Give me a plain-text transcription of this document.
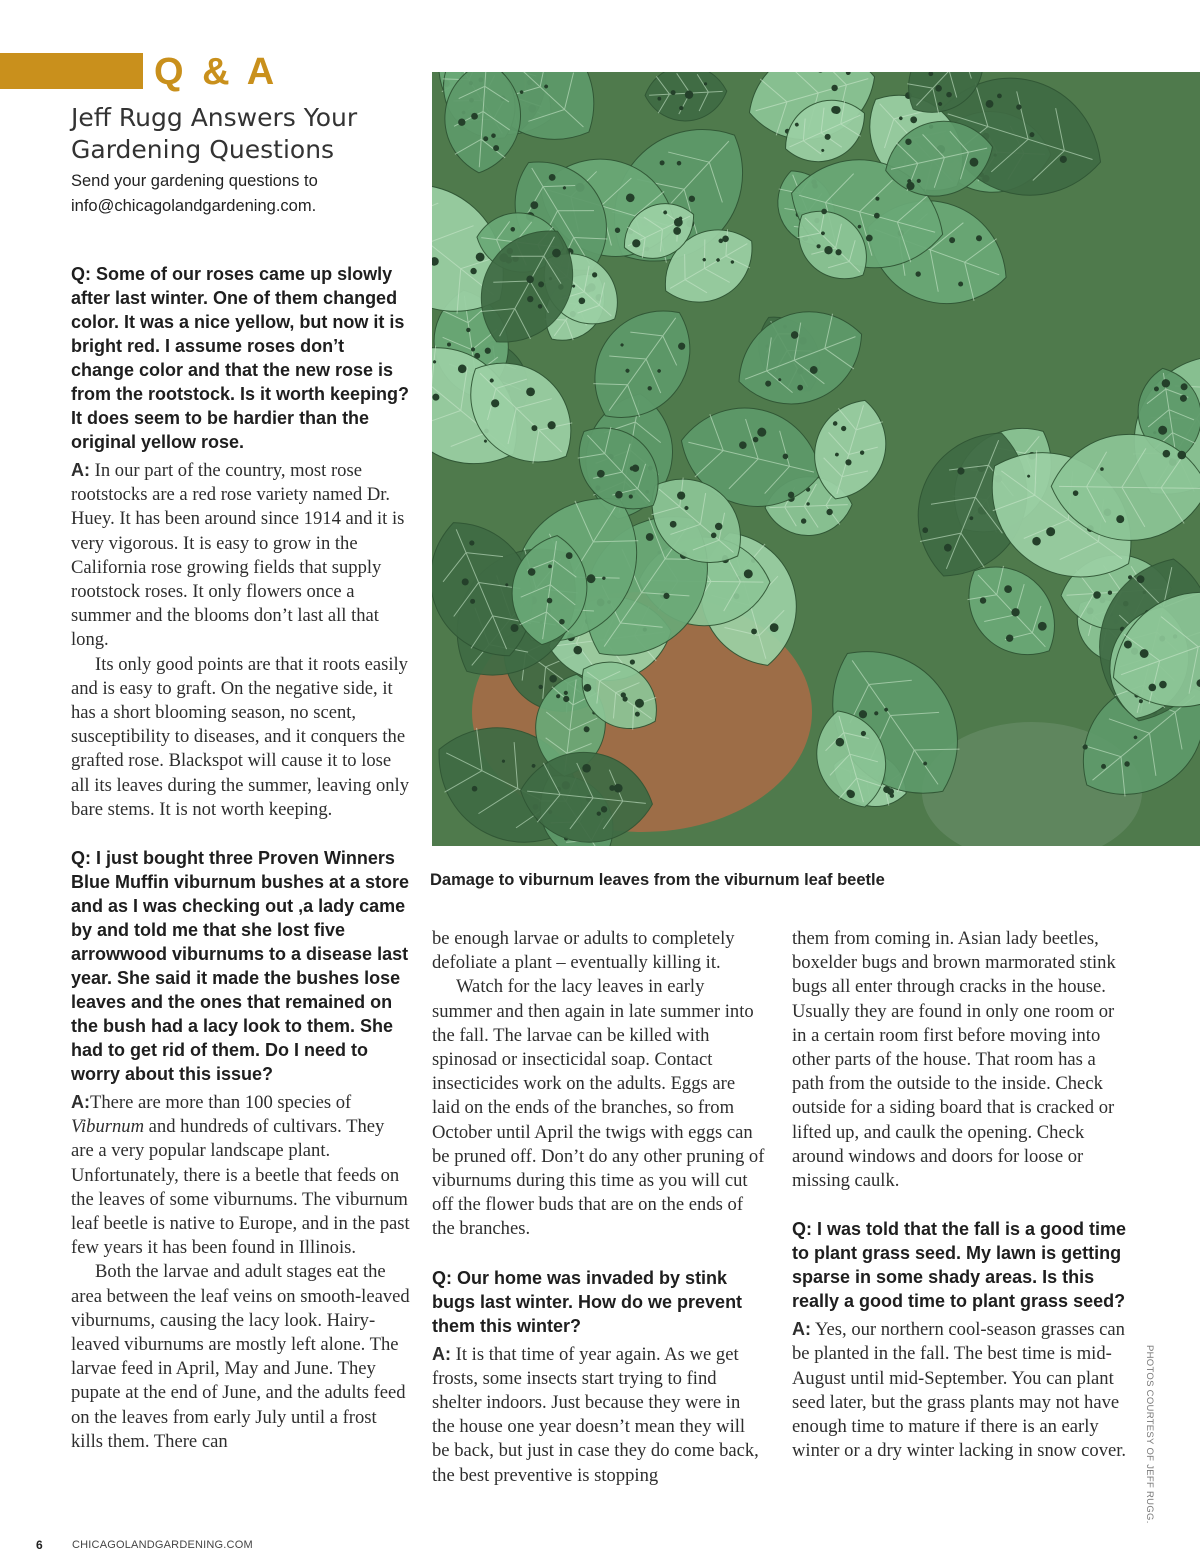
Q & A
Jeff Rugg Answers Your Gardening Questions
Send your gardening questions to info@chicagolandgardening.com.
Damage to viburnum leaves from the viburnum leaf beetle
PHOTOS COURTESY OF JEFF RUGG.

Q: Some of our roses came up slowly after last winter. One of them changed color. It was a nice yellow, but now it is bright red. I assume roses don’t change color and that the new rose is from the rootstock. Is it worth keeping? It does seem to be hardier than the original yellow rose.

A: In our part of the country, most rose rootstocks are a red rose variety named Dr. Huey. It has been around since 1914 and it is very vigorous. It is easy to grow in the California rose growing fields that supply rootstock roses. It only flowers once a summer and the blooms don’t last all that long.

Its only good points are that it roots easily and is easy to graft. On the negative side, it has a short blooming season, no scent, susceptibility to diseases, and it conquers the grafted rose. Blackspot will cause it to lose all its leaves during the summer, leaving only bare stems. It is not worth keeping.

Q: I just bought three Proven Winners Blue Muffin viburnum bushes at a store and as I was checking out ,a lady came by and told me that she lost five arrowwood viburnums to a disease last year. She said it made the bushes lose leaves and the ones that remained on the bush had a lacy look to them. She had to get rid of them. Do I need to worry about this issue?

A:There are more than 100 species of Viburnum and hundreds of cultivars. They are a very popular landscape plant. Unfortunately, there is a beetle that feeds on the leaves of some viburnums. The viburnum leaf beetle is native to Europe, and in the past few years it has been found in Illinois.

Both the larvae and adult stages eat the area between the leaf veins on smooth-leaved viburnums, causing the lacy look. Hairy-leaved viburnums are mostly left alone. The larvae feed in April, May and June. They pupate at the end of June, and the adults feed on the leaves from early July until a frost kills them. There can

be enough larvae or adults to completely defoliate a plant – eventually killing it.

Watch for the lacy leaves in early summer and then again in late summer into the fall. The larvae can be killed with spinosad or insecticidal soap. Contact insecticides work on the adults. Eggs are laid on the ends of the branches, so from October until April the twigs with eggs can be pruned off. Don’t do any other pruning of viburnums during this time as you will cut off the flower buds that are on the ends of the branches.

Q: Our home was invaded by stink bugs last winter. How do we prevent them this winter?

A: It is that time of year again. As we get frosts, some insects start trying to find shelter indoors. Just because they were in the house one year doesn’t mean they will be back, but just in case they do come back, the best preventive is stopping

them from coming in. Asian lady beetles, boxelder bugs and brown marmorated stink bugs all enter through cracks in the house. Usually they are found in only one room or in a certain room first before moving into other parts of the house. That room has a path from the outside to the inside. Check outside for a siding board that is cracked or lifted up, and caulk the opening. Check around windows and doors for loose or missing caulk.

Q: I was told that the fall is a good time to plant grass seed. My lawn is getting sparse in some shady areas. Is this really a good time to plant grass seed?

A: Yes, our northern cool-season grasses can be planted in the fall. The best time is mid-August until mid-September. You can plant seed later, but the grass plants may not have enough time to mature if there is an early winter or a dry winter lacking in snow cover.

6	CHICAGOLANDGARDENING.COM
